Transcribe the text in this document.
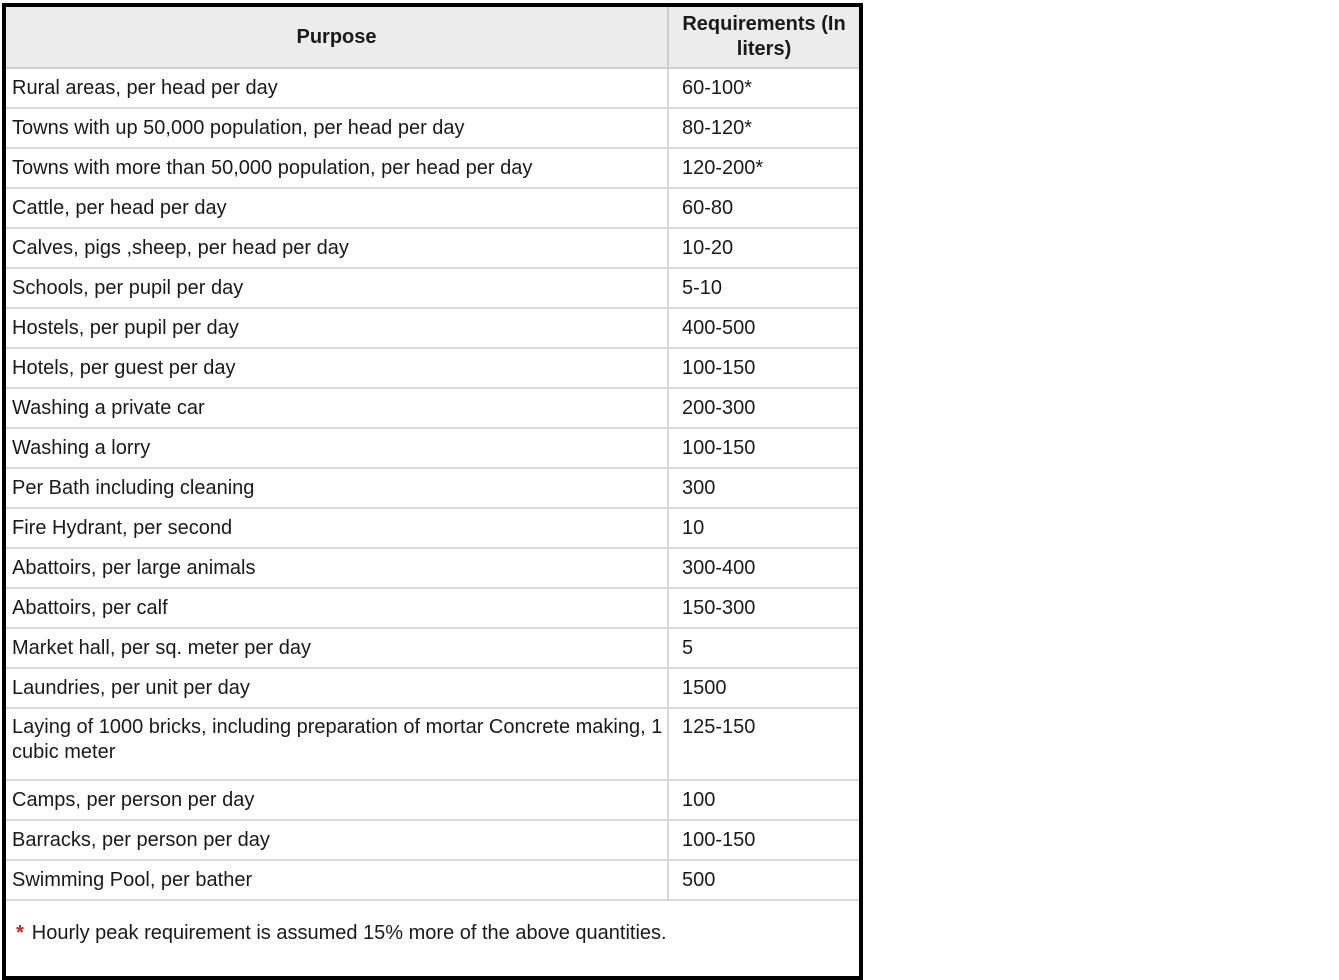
Purpose	Requirements (In liters)
Rural areas, per head per day	60-100*
Towns with up 50,000 population, per head per day	80-120*
Towns with more than 50,000 population, per head per day	120-200*
Cattle, per head per day	60-80
Calves, pigs ,sheep, per head per day	10-20
Schools, per pupil per day	5-10
Hostels, per pupil per day	400-500
Hotels, per guest per day	100-150
Washing a private car	200-300
Washing a lorry	100-150
Per Bath including cleaning	300
Fire Hydrant, per second	10
Abattoirs, per large animals	300-400
Abattoirs, per calf	150-300
Market hall, per sq. meter per day	5
Laundries, per unit per day	1500
Laying of 1000 bricks, including preparation of mortar Concrete making, 1 cubic meter	125-150
Camps, per person per day	100
Barracks, per person per day	100-150
Swimming Pool, per bather	500
* Hourly peak requirement is assumed 15% more of the above quantities.
